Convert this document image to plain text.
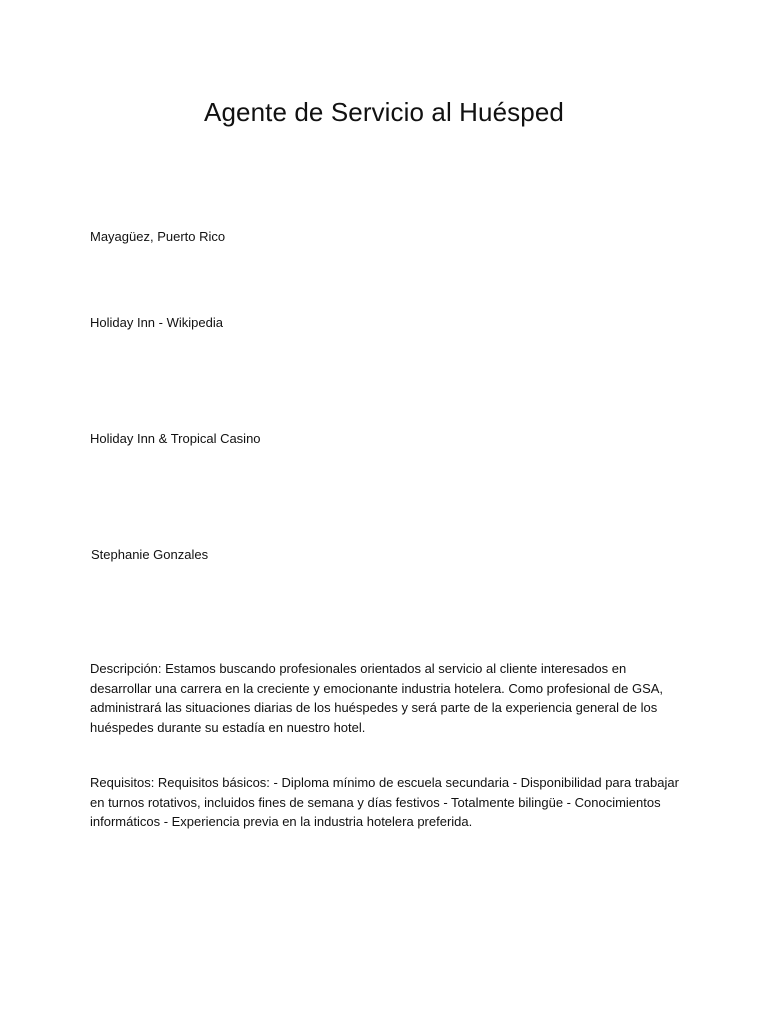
Agente de Servicio al Huésped

Mayagüez, Puerto Rico

Holiday Inn - Wikipedia

Holiday Inn & Tropical Casino

Stephanie Gonzales

Descripción: Estamos buscando profesionales orientados al servicio al cliente interesados en desarrollar una carrera en la creciente y emocionante industria hotelera. Como profesional de GSA, administrará las situaciones diarias de los huéspedes y será parte de la experiencia general de los huéspedes durante su estadía en nuestro hotel.

Requisitos: Requisitos básicos: - Diploma mínimo de escuela secundaria - Disponibilidad para trabajar en turnos rotativos, incluidos fines de semana y días festivos - Totalmente bilingüe - Conocimientos informáticos - Experiencia previa en la industria hotelera preferida.
